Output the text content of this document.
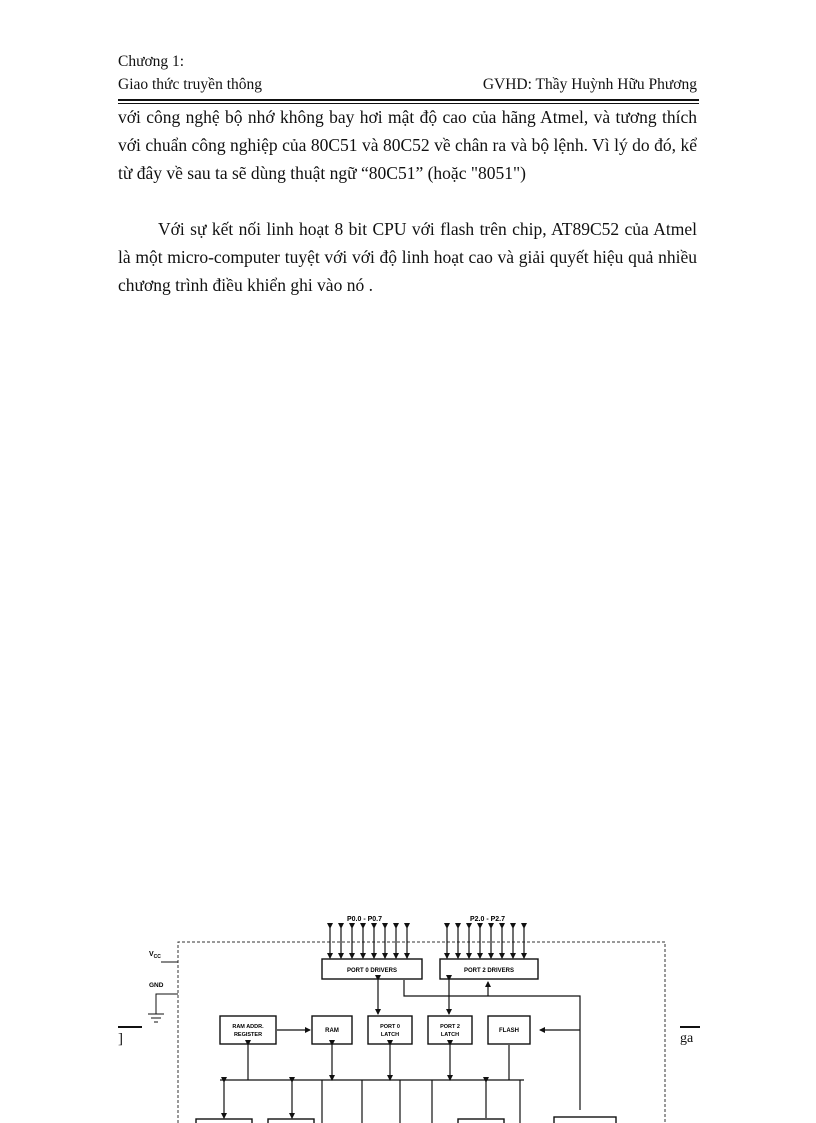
Chương 1:
Giao thức truyền thông	GVHD: Thầy Huỳnh Hữu Phương

với công nghệ bộ nhớ không bay hơi mật độ cao của hãng Atmel, và tương thích với chuẩn công nghiệp của 80C51 và 80C52 về chân ra và bộ lệnh. Vì lý do đó, kể từ đây về sau ta sẽ dùng thuật ngữ “80C51” (hoặc "8051")

Với sự kết nối linh hoạt 8 bit CPU với flash trên chip, AT89C52 của Atmel là một micro-computer tuyệt với với độ linh hoạt cao và giải quyết hiệu quả nhiều chương trình điều khiển ghi vào nó .

P0.0 - P0.7	P2.0 - P2.7
$V_{CC}$
GND
PORT 0 DRIVERS	PORT 2 DRIVERS
RAM ADDR.
REGISTER
RAM
PORT 0
LATCH
PORT 2
LATCH
FLASH
]	ga
